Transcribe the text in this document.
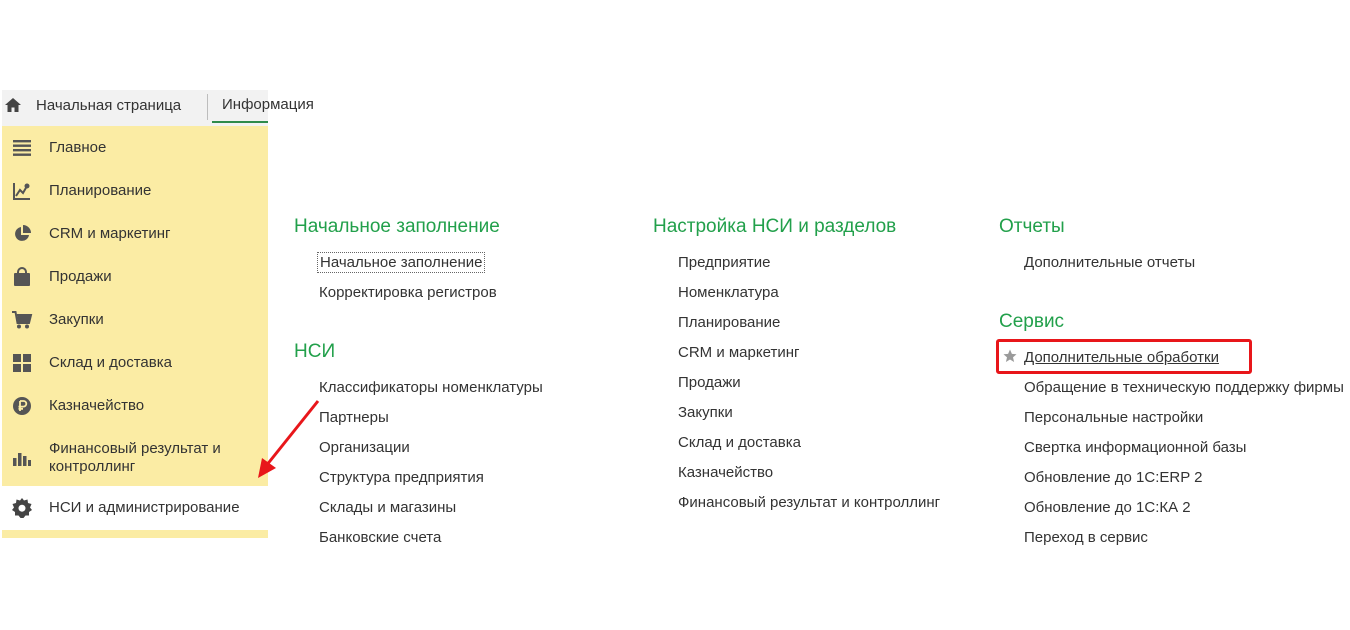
Начальная страница	Информация
Главное
Планирование
CRM и маркетинг
Продажи
Закупки
Склад и доставка
Казначейство
Финансовый результат и
контроллинг
НСИ и администрирование
Начальное заполнение
Начальное заполнение
Корректировка регистров
НСИ
Классификаторы номенклатуры
Партнеры
Организации
Структура предприятия
Склады и магазины
Банковские счета
Настройка НСИ и разделов
Предприятие
Номенклатура
Планирование
CRM и маркетинг
Продажи
Закупки
Склад и доставка
Казначейство
Финансовый результат и контроллинг
Отчеты
Дополнительные отчеты
Сервис
Дополнительные обработки
Обращение в техническую поддержку фирмы
Персональные настройки
Свертка информационной базы
Обновление до 1С:ERP 2
Обновление до 1С:КА 2
Переход в сервис
